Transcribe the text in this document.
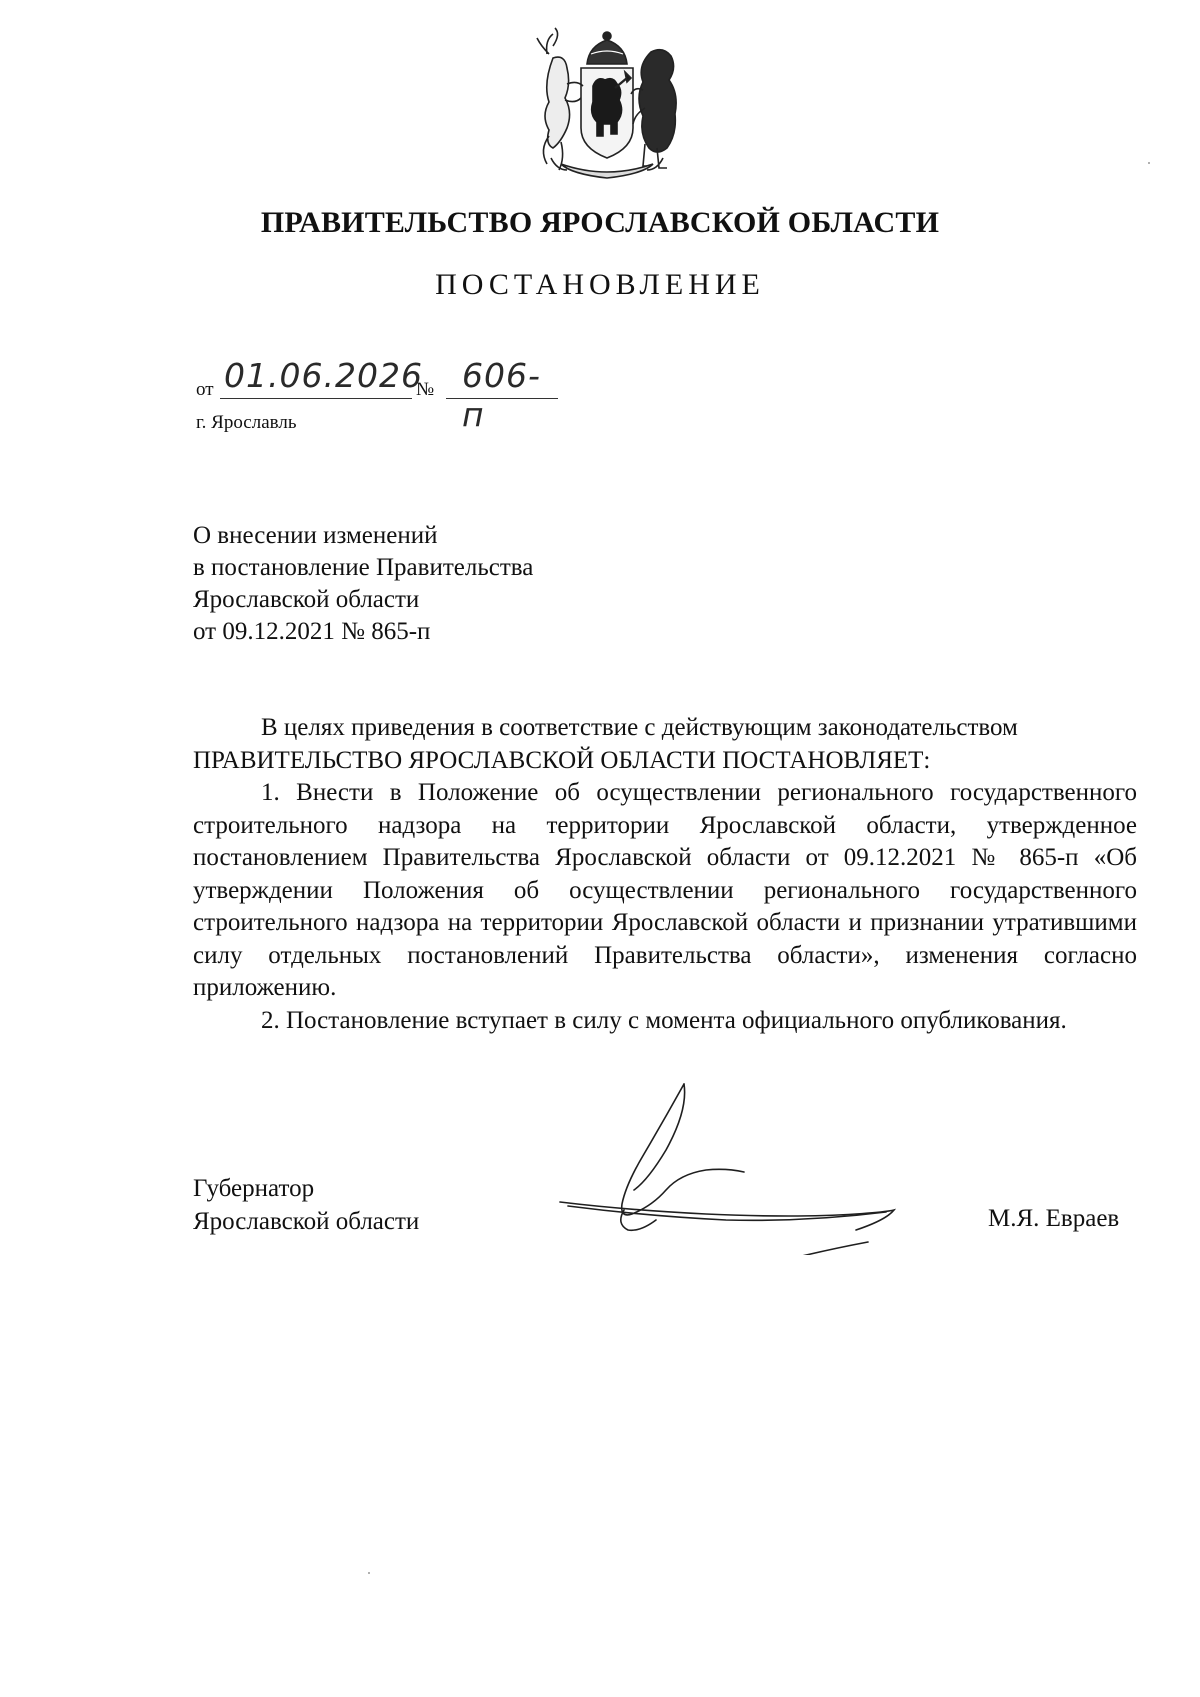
ПРАВИТЕЛЬСТВО ЯРОСЛАВСКОЙ ОБЛАСТИ
ПОСТАНОВЛЕНИЕ
от 01.06.2026
№ 606-п
г. Ярославль
О внесении изменений
в постановление Правительства
Ярославской области
от 09.12.2021 № 865-п

В целях приведения в соответствие с действующим законодательством

ПРАВИТЕЛЬСТВО ЯРОСЛАВСКОЙ ОБЛАСТИ ПОСТАНОВЛЯЕТ:

1. Внести в Положение об осуществлении регионального государственного строительного надзора на территории Ярославской области, утвержденное постановлением Правительства Ярославской области от 09.12.2021 № 865-п «Об утверждении Положения об осуществлении регионального государственного строительного надзора на территории Ярославской области и признании утратившими силу отдельных постановлений Правительства области», изменения согласно приложению.

2. Постановление вступает в силу с момента официального опубликования.

Губернатор
Ярославской области	М.Я. Евраев
